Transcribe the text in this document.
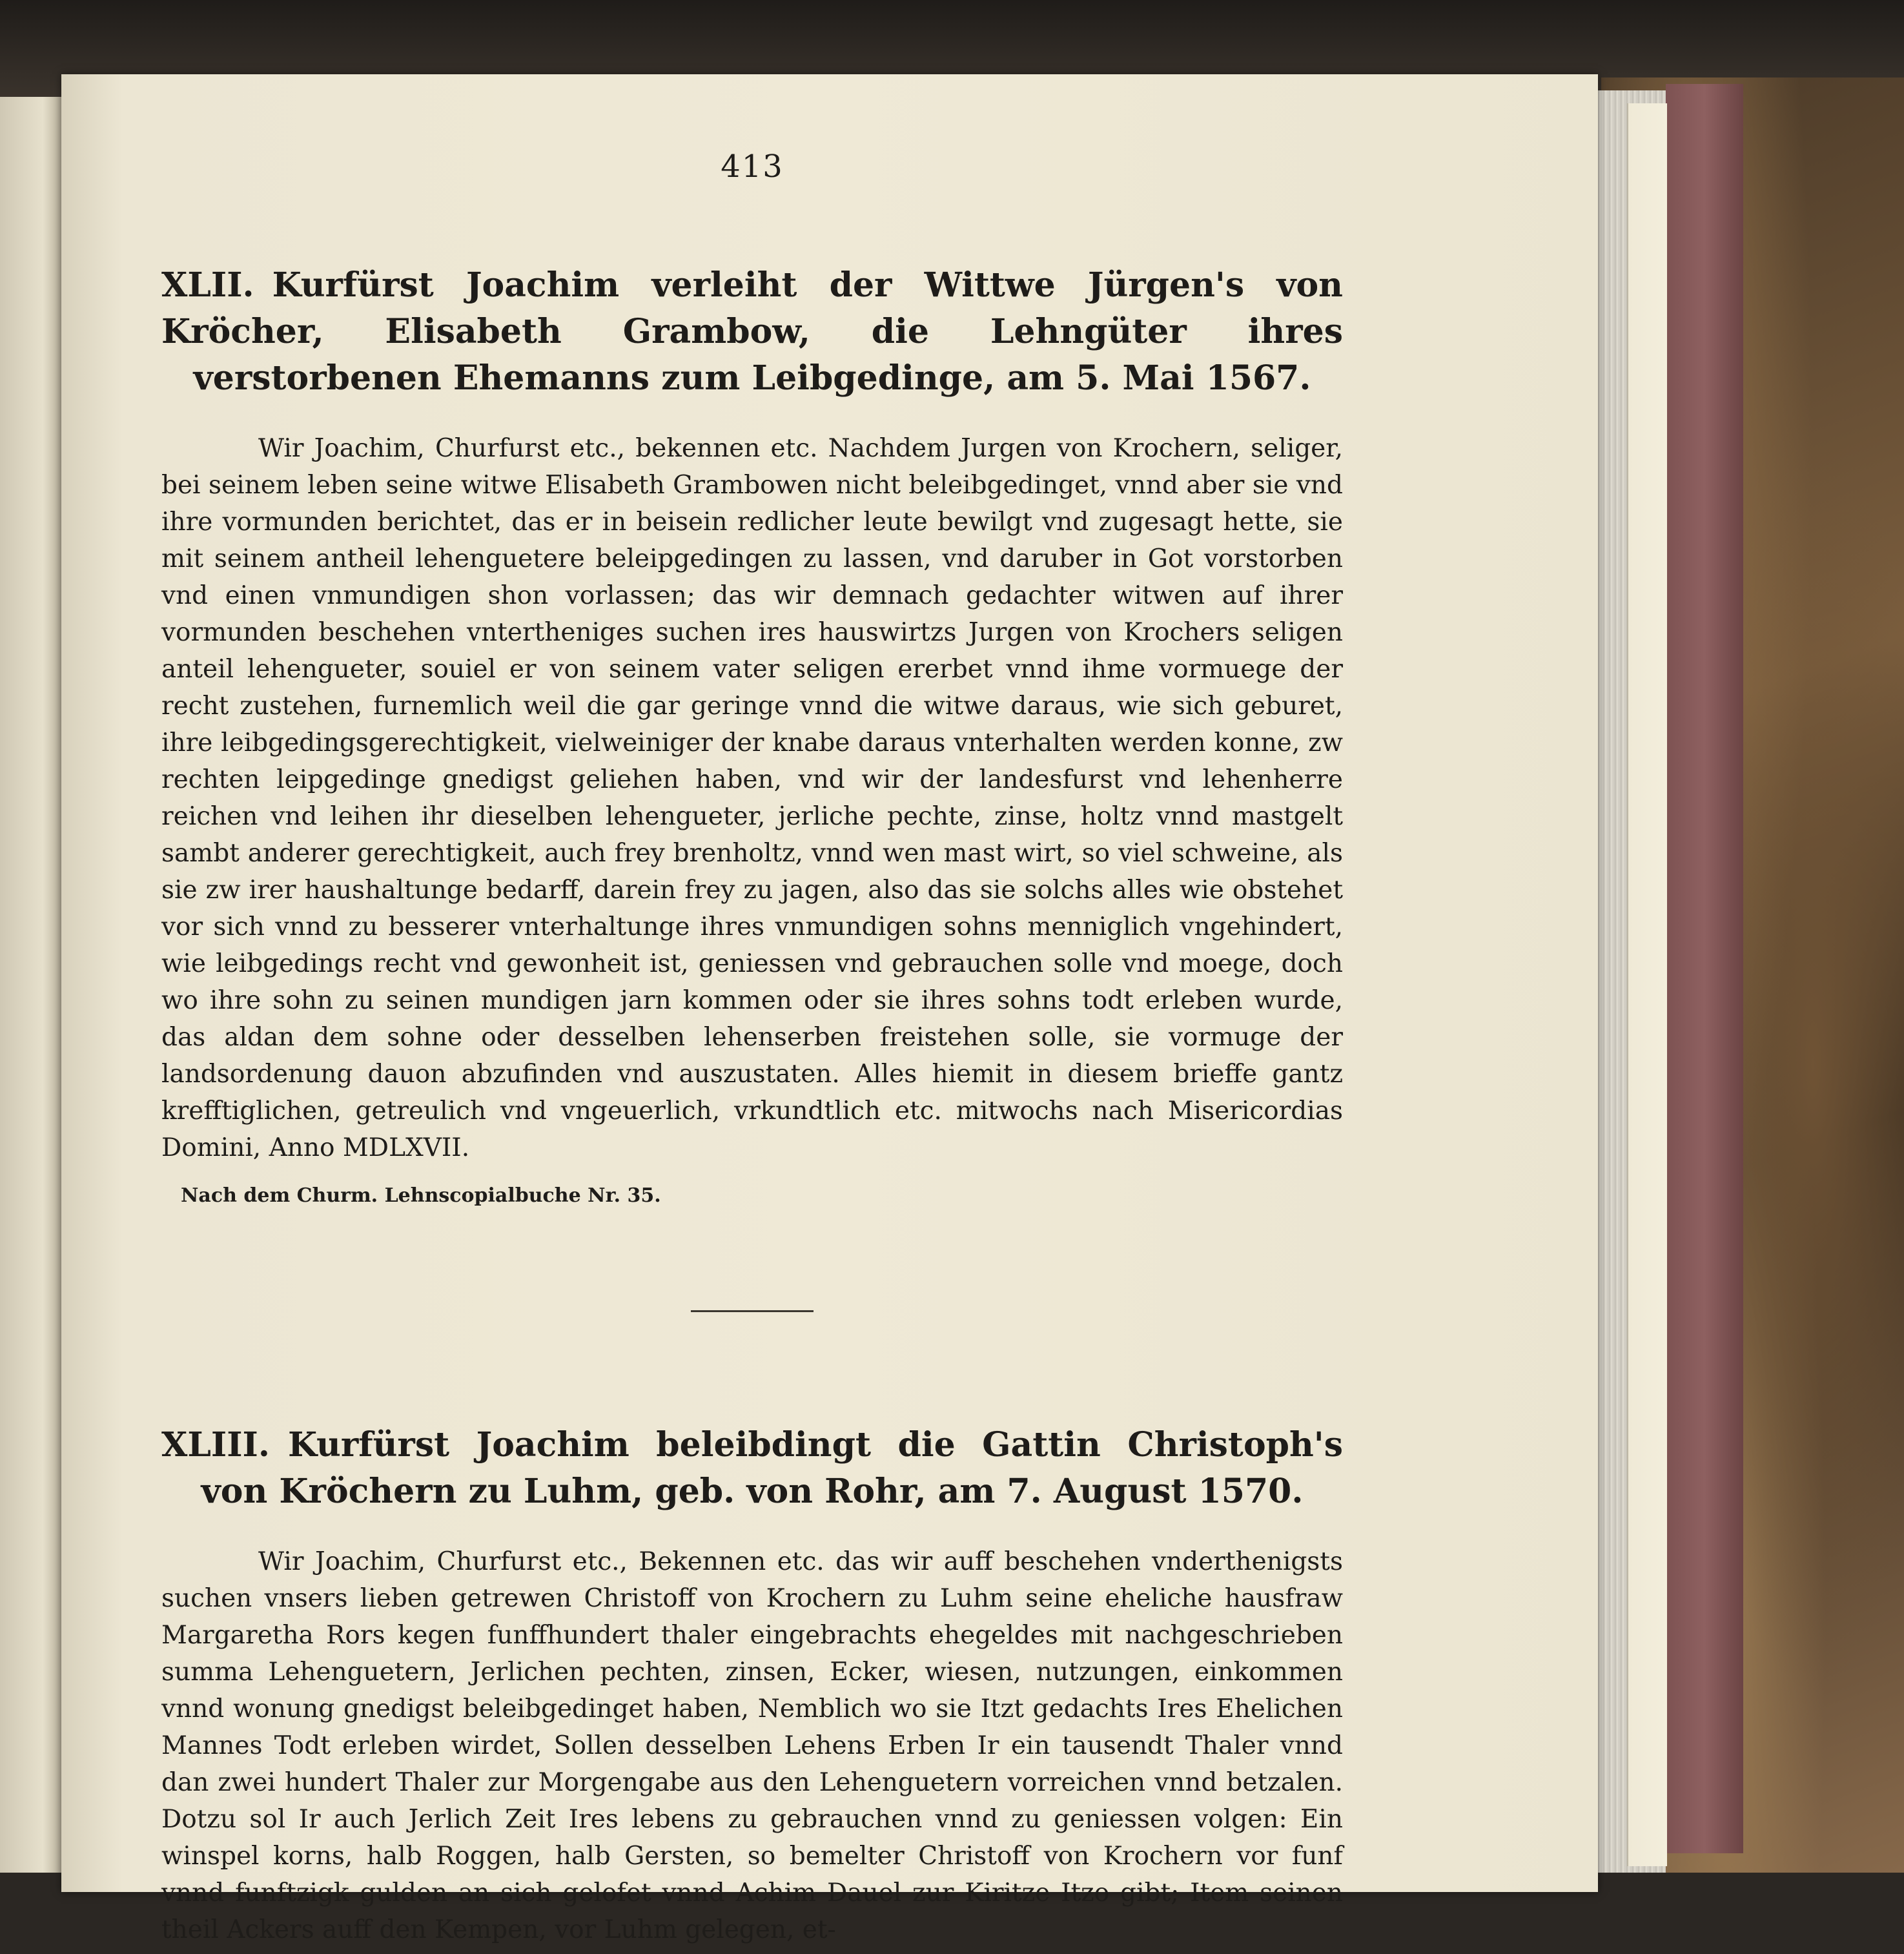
413
XLII. Kurfürst Joachim verleiht der Wittwe Jürgen's von Kröcher, Elisabeth Grambow, die Lehngüter ihres verstorbenen Ehemanns zum Leibgedinge, am 5. Mai 1567.

Wir Joachim, Churfurst etc., bekennen etc. Nachdem Jurgen von Krochern, seliger, bei seinem leben seine witwe Elisabeth Grambowen nicht beleibgedinget, vnnd aber sie vnd ihre vormunden berichtet, das er in beisein redlicher leute bewilgt vnd zugesagt hette, sie mit seinem antheil lehenguetere beleipgedingen zu lassen, vnd daruber in Got vorstorben vnd einen vnmundigen shon vorlassen; das wir demnach gedachter witwen auf ihrer vormunden beschehen vntertheniges suchen ires hauswirtzs Jurgen von Krochers seligen anteil lehengueter, souiel er von seinem vater seligen ererbet vnnd ihme vormuege der recht zustehen, furnemlich weil die gar geringe vnnd die witwe daraus, wie sich geburet, ihre leibgedingsgerechtigkeit, vielweiniger der knabe daraus vnterhalten werden konne, zw rechten leipgedinge gnedigst geliehen haben, vnd wir der landesfurst vnd lehenherre reichen vnd leihen ihr dieselben lehengueter, jerliche pechte, zinse, holtz vnnd mastgelt sambt anderer gerechtigkeit, auch frey brenholtz, vnnd wen mast wirt, so viel schweine, als sie zw irer haushaltunge bedarff, darein frey zu jagen, also das sie solchs alles wie obstehet vor sich vnnd zu besserer vnterhaltunge ihres vnmundigen sohns menniglich vngehindert, wie leibgedings recht vnd gewonheit ist, geniessen vnd gebrauchen solle vnd moege, doch wo ihre sohn zu seinen mundigen jarn kommen oder sie ihres sohns todt erleben wurde, das aldan dem sohne oder desselben lehenserben freistehen solle, sie vormuge der landsordenung dauon abzufinden vnd auszustaten. Alles hiemit in diesem brieffe gantz krefftiglichen, getreulich vnd vngeuerlich, vrkundtlich etc. mitwochs nach Misericordias Domini, Anno MDLXVII.

Nach dem Churm. Lehnscopialbuche Nr. 35.
XLIII. Kurfürst Joachim beleibdingt die Gattin Christoph's von Kröchern zu Luhm, geb. von Rohr, am 7. August 1570.

Wir Joachim, Churfurst etc., Bekennen etc. das wir auff beschehen vnderthenigsts suchen vnsers lieben getrewen Christoff von Krochern zu Luhm seine eheliche hausfraw Margaretha Rors kegen funffhundert thaler eingebrachts ehegeldes mit nachgeschrieben summa Lehenguetern, Jerlichen pechten, zinsen, Ecker, wiesen, nutzungen, einkommen vnnd wonung gnedigst beleibgedinget haben, Nemblich wo sie Itzt gedachts Ires Ehelichen Mannes Todt erleben wirdet, Sollen desselben Lehens Erben Ir ein tausendt Thaler vnnd dan zwei hundert Thaler zur Morgengabe aus den Lehenguetern vorreichen vnnd betzalen. Dotzu sol Ir auch Jerlich Zeit Ires lebens zu gebrauchen vnnd zu geniessen volgen: Ein winspel korns, halb Roggen, halb Gersten, so bemelter Christoff von Krochern vor funf vnnd funftzigk gulden an sich gelofet vnnd Achim Dauel zur Kiritze Itzo gibt; Item seinen theil Ackers auff den Kempen, vor Luhm gelegen, et-
